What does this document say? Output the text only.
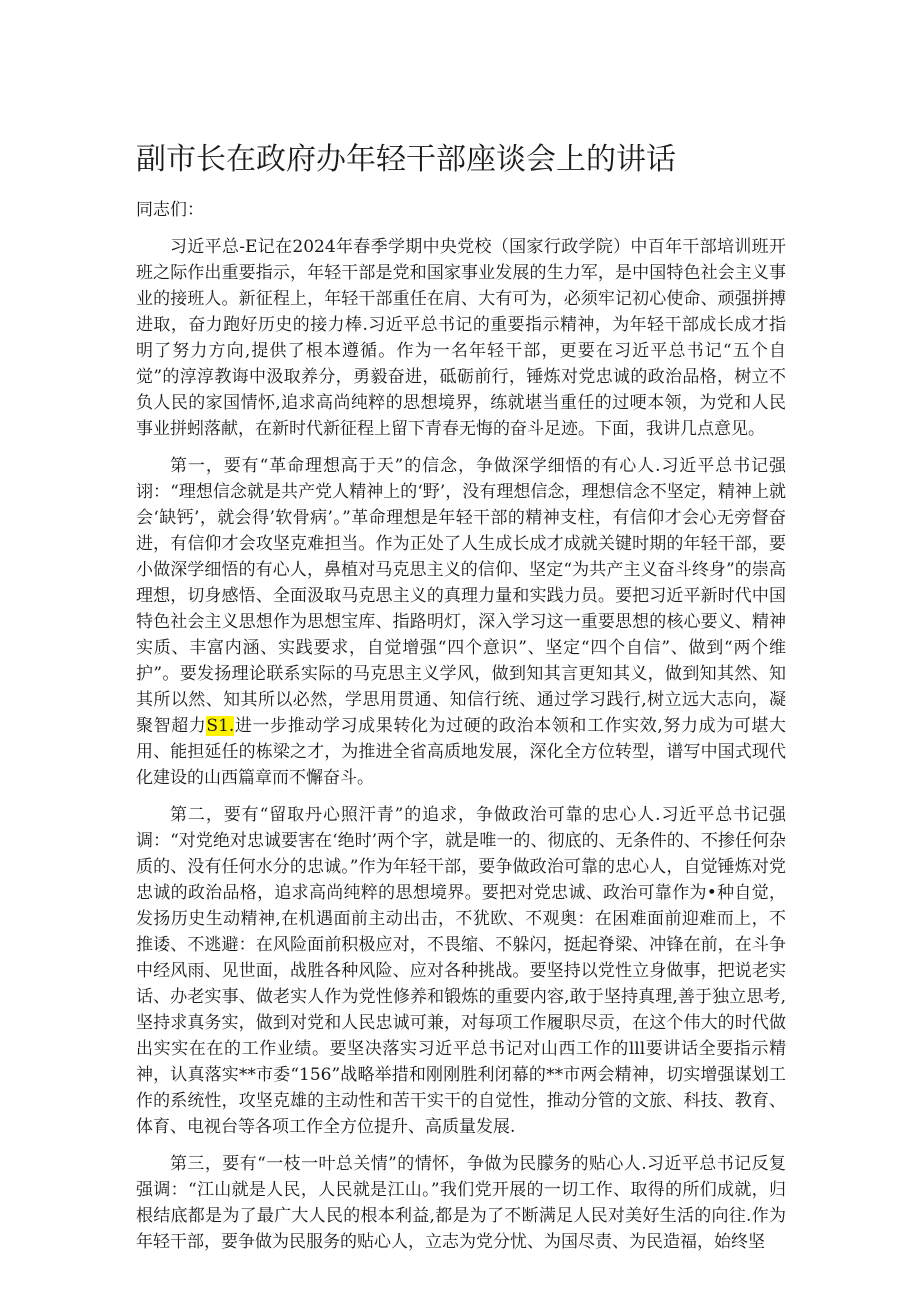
副市长在政府办年轻干部座谈会上的讲话

同志们：

习近平总-E记在2024年春季学期中央党校（国家行政学院）中百年干部培训班开班之际作出重要指示，年轻干部是党和国家事业发展的生力军，是中国特色社会主义事业的接班人。新征程上，年轻干部重任在肩、大有可为，必须牢记初心使命、顽强拼搏进取，奋力跑好历史的接力棒.习近平总书记的重要指示精神，为年轻干部成长成才指明了努力方向,提供了根本遵循。作为一名年轻干部，更要在习近平总书记“五个自觉”的淳淳教诲中汲取养分，勇毅奋进，砥砺前行，锤炼对党忠诚的政治品格，树立不负人民的家国情怀,追求高尚纯粹的思想境界，练就堪当重任的过哽本领，为党和人民事业拼蚓落献，在新时代新征程上留下青春无悔的奋斗足迹。下面，我讲几点意见。

第一，要有“革命理想高于天”的信念，争做深学细悟的有心人.习近平总书记强诩：“理想信念就是共产党人精神上的‘野’，没有理想信念，理想信念不坚定，精神上就会‘缺钙’，就会得’软骨病’。”革命理想是年轻干部的精神支柱，有信仰才会心无旁督奋进，有信仰才会攻坚克难担当。作为正处了人生成长成才成就关键时期的年轻干部，要小做深学细悟的有心人，鼻植对马克思主义的信仰、坚定“为共产主义奋斗终身”的崇高理想，切身感悟、全面汲取马克思主义的真理力量和实践力员。要把习近平新时代中国特色社会主义思想作为思想宝库、指路明灯，深入学习这一重要思想的核心要义、精神实质、丰富内涵、实践要求，自觉增强“四个意识”、坚定“四个自信”、做到“两个维护”。要发扬理论联系实际的马克思主义学风，做到知其言更知其义，做到知其然、知其所以然、知其所以必然，学思用贯通、知信行统、通过学习践行,树立远大志向，凝聚智超力S1.进一步推动学习成果转化为过硬的政治本领和工作实效,努力成为可堪大用、能担延任的栋梁之才，为推进全省高质地发展，深化全方位转型，谱写中国式现代化建设的山西篇章而不懈奋斗。

第二，要有“留取丹心照汗青”的追求，争做政治可靠的忠心人.习近平总书记强调：“对党绝对忠诚要害在‘绝时’两个字，就是唯一的、彻底的、无条件的、不掺任何杂质的、没有任何水分的忠诚。”作为年轻干部，要争做政治可靠的忠心人，自觉锤炼对党忠诚的政治品格，追求高尚纯粹的思想境界。要把对党忠诚、政治可靠作为•种自觉，发扬历史生动精神,在机遇面前主动出击，不犹欧、不观奥：在困难面前迎难而上，不推诿、不逃避：在风险面前积极应对，不畏缩、不躲闪，挺起脊梁、冲锋在前，在斗争中经风雨、见世面，战胜各种风险、应对各种挑战。要坚持以党性立身做事，把说老实话、办老实事、做老实人作为党性修养和锻炼的重要内容,敢于坚持真理,善于独立思考,坚持求真务实，做到对党和人民忠诚可兼，对每项工作履职尽贡，在这个伟大的时代做出实实在在的工作业绩。要坚决落实习近平总书记对山西工作的lll要讲话全要指示精神，认真落实**市委“156”战略举措和刚刚胜利闭幕的**市两会精神，切实增强谋划工作的系统性，攻坚克雄的主动性和苦干实干的自觉性，推动分管的文旅、科技、教育、体育、电视台等各项工作全方位提升、高质量发展.

第三，要有“一枝一叶总关情”的情怀，争做为民朦务的贴心人.习近平总书记反复强调：“江山就是人民，人民就是江山。”我们党开展的一切工作、取得的所们成就，归根结底都是为了最广大人民的根本利益,都是为了不断满足人民对美好生活的向往.作为年轻干部，要争做为民服务的贴心人，立志为党分忧、为国尽责、为民造福，始终坚
